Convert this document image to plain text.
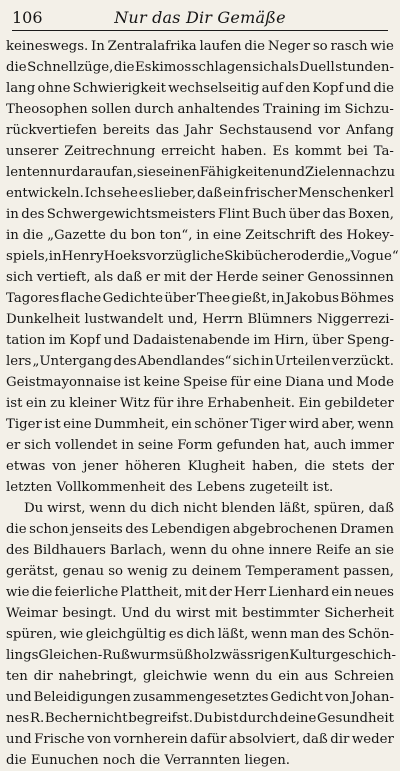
106	Nur das Dir Gemäße
keineswegs. In Zentralafrika laufen die Neger so rasch wie
die Schnellzüge, die Eskimos schlagen sich als Duell stunden-
lang ohne Schwierigkeit wechselseitig auf den Kopf und die
Theosophen sollen durch anhaltendes Training im Sichzu-
rückvertiefen bereits das Jahr Sechstausend vor Anfang
unserer Zeitrechnung erreicht haben. Es kommt bei Ta-
lenten nur darauf an, sie seinen Fähigkeiten und Zielen nach zu
entwickeln. Ich sehe es lieber, daß ein frischer Menschenkerl
in des Schwergewichtsmeisters Flint Buch über das Boxen,
in die „Gazette du bon ton“, in eine Zeitschrift des Hokey-
spiels, in Henry Hoeks vorzügliche Skibücher oder die „Vogue“
sich vertieft, als daß er mit der Herde seiner Genossinnen
Tagores flache Gedichte über Thee gießt, in Jakobus Böhmes
Dunkelheit lustwandelt und, Herrn Blümners Niggerrezi-
tation im Kopf und Dadaistenabende im Hirn, über Speng-
lers „Untergang des Abendlandes“ sich in Urteilen verzückt.
Geistmayonnaise ist keine Speise für eine Diana und Mode
ist ein zu kleiner Witz für ihre Erhabenheit. Ein gebildeter
Tiger ist eine Dummheit, ein schöner Tiger wird aber, wenn
er sich vollendet in seine Form gefunden hat, auch immer
etwas von jener höheren Klugheit haben, die stets der
letzten Vollkommenheit des Lebens zugeteilt ist.
Du wirst, wenn du dich nicht blenden läßt, spüren, daß
die schon jenseits des Lebendigen abgebrochenen Dramen
des Bildhauers Barlach, wenn du ohne innere Reife an sie
gerätst, genau so wenig zu deinem Temperament passen,
wie die feierliche Plattheit, mit der Herr Lienhard ein neues
Weimar besingt. Und du wirst mit bestimmter Sicherheit
spüren, wie gleichgültig es dich läßt, wenn man des Schön-
lings Gleichen-Rußwurm süßholzwässrigen Kulturgeschich-
ten dir nahebringt, gleichwie wenn du ein aus Schreien
und Beleidigungen zusammengesetztes Gedicht von Johan-
nes R. Becher nicht begreifst. Du bist durch deine Gesundheit
und Frische von vornherein dafür absolviert, daß dir weder
die Eunuchen noch die Verrannten liegen.
